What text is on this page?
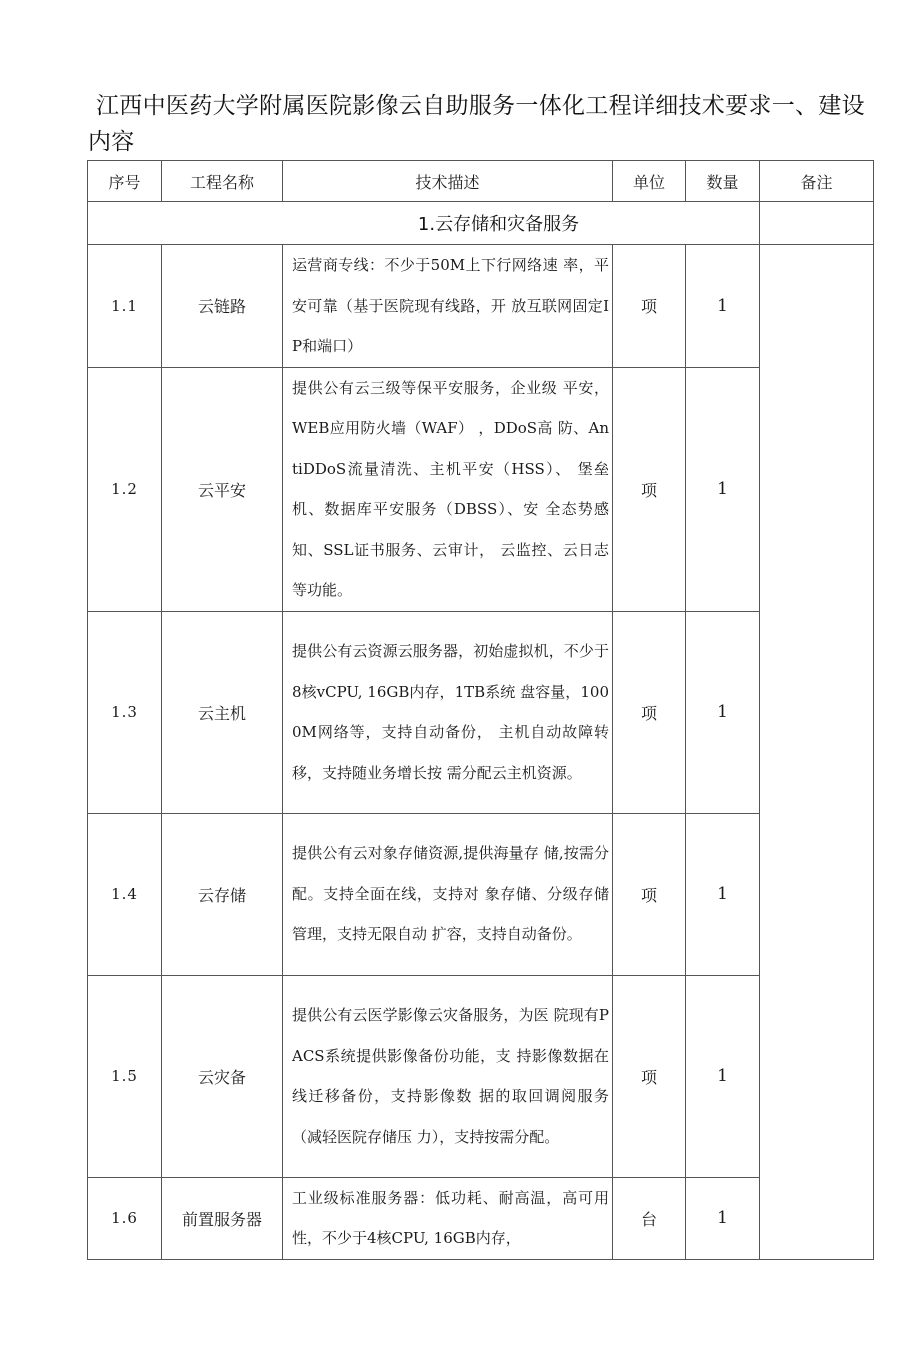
江西中医药大学附属医院影像云自助服务一体化工程详细技术要求一、建设内容
序号	工程名称	技术描述	单位	数量	备注
1.云存储和灾备服务					
1.1	云链路	运营商专线：不少于50M上下行网络速 率，平安可靠（基于医院现有线路，开 放互联网固定IP和端口）	项	1	
1.2	云平安	提供公有云三级等保平安服务，企业级 平安，WEB应用防火墙（WAF） ，DDoS高 防、AntiDDoS流量清洗、主机平安（HSS）、 堡垒机、数据库平安服务（DBSS）、安 全态势感知、SSL证书服务、云审计， 云监控、云日志等功能。	项	1	
1.3	云主机	提供公有云资源云服务器，初始虚拟机，不少于8核vCPU, 16GB内存，1TB系统 盘容量，1000M网络等，支持自动备份， 主机自动故障转移，支持随业务增长按 需分配云主机资源。	项	1	
1.4	云存储	提供公有云对象存储资源,提供海量存 储,按需分配。支持全面在线，支持对 象存储、分级存储管理，支持无限自动 扩容，支持自动备份。	项	1	
1.5	云灾备	提供公有云医学影像云灾备服务，为医 院现有PACS系统提供影像备份功能，支 持影像数据在线迁移备份，支持影像数 据的取回调阅服务（减轻医院存储压 力），支持按需分配。	项	1	
1.6	前置服务器	工业级标准服务器：低功耗、耐高温，高可用性，不少于4核CPU, 16GB内存，	台	1	
